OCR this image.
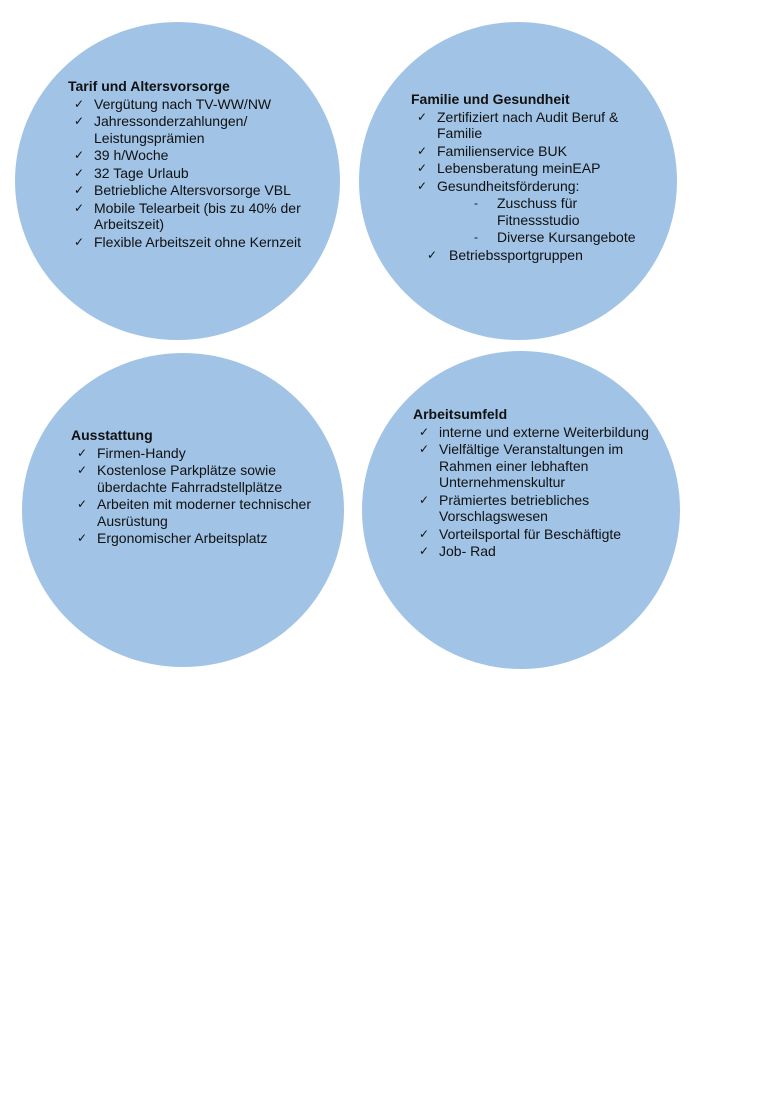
Tarif und Altersvorsorge
✓ Vergütung nach TV-WW/NW
✓ Jahressonderzahlungen/ Leistungsprämien
✓ 39 h/Woche
✓ 32 Tage Urlaub
✓ Betriebliche Altersvorsorge VBL
✓ Mobile Telearbeit (bis zu 40% der Arbeitszeit)
✓ Flexible Arbeitszeit ohne Kernzeit
Familie und Gesundheit
✓ Zertifiziert nach Audit Beruf & Familie
✓ Familienservice BUK
✓ Lebensberatung meinEAP
✓ Gesundheitsförderung:
- Zuschuss für Fitnessstudio
- Diverse Kursangebote
✓ Betriebssportgruppen
Ausstattung
✓ Firmen-Handy
✓ Kostenlose Parkplätze sowie überdachte Fahrradstellplätze
✓ Arbeiten mit moderner technischer Ausrüstung
✓ Ergonomischer Arbeitsplatz
Arbeitsumfeld
✓ interne und externe Weiterbildung
✓ Vielfältige Veranstaltungen im Rahmen einer lebhaften Unternehmenskultur
✓ Prämiertes betriebliches Vorschlagswesen
✓ Vorteilsportal für Beschäftigte
✓ Job- Rad
